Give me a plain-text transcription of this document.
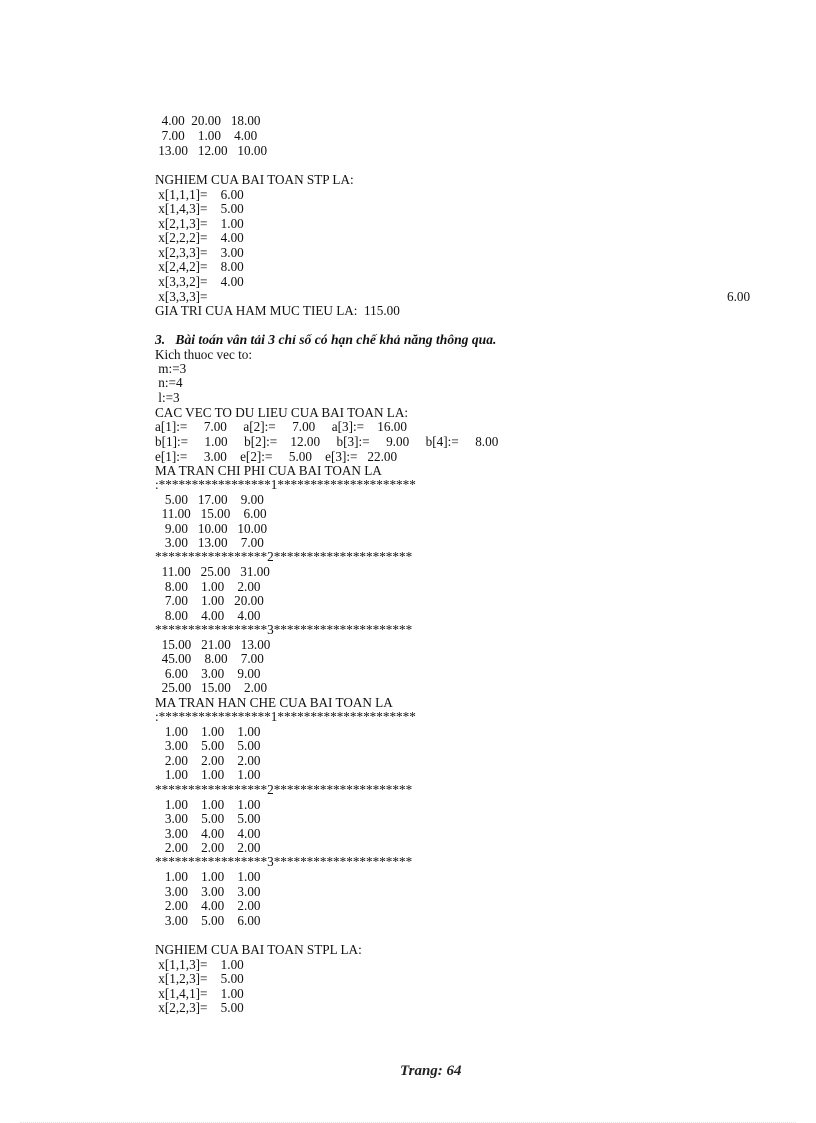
4.00  20.00   18.00
7.00    1.00    4.00
13.00   12.00   10.00
NGHIEM CUA BAI TOAN STP LA:
x[1,1,1]=    6.00
x[1,4,3]=    5.00
x[2,1,3]=    1.00
x[2,2,2]=    4.00
x[2,3,3]=    3.00
x[2,4,2]=    8.00
x[3,3,2]=    4.00
x[3,3,3]=	6.00
GIA TRI CUA HAM MUC TIEU LA:  115.00
3.   Bài toán vân tải 3 chỉ số có hạn chế khả năng thông qua.
Kich thuoc vec to:
m:=3
n:=4
l:=3
CAC VEC TO DU LIEU CUA BAI TOAN LA:
a[1]:=     7.00     a[2]:=     7.00     a[3]:=    16.00
b[1]:=     1.00     b[2]:=    12.00     b[3]:=     9.00     b[4]:=     8.00
e[1]:=     3.00    e[2]:=     5.00    e[3]:=   22.00
MA TRAN CHI PHI CUA BAI TOAN LA
:*****************1*********************
5.00   17.00    9.00
11.00   15.00    6.00
9.00   10.00   10.00
3.00   13.00    7.00
*****************2*********************
11.00   25.00   31.00
8.00    1.00    2.00
7.00    1.00   20.00
8.00    4.00    4.00
*****************3*********************
15.00   21.00   13.00
45.00    8.00    7.00
6.00    3.00    9.00
25.00   15.00    2.00
MA TRAN HAN CHE CUA BAI TOAN LA
:*****************1*********************
1.00    1.00    1.00
3.00    5.00    5.00
2.00    2.00    2.00
1.00    1.00    1.00
*****************2*********************
1.00    1.00    1.00
3.00    5.00    5.00
3.00    4.00    4.00
2.00    2.00    2.00
*****************3*********************
1.00    1.00    1.00
3.00    3.00    3.00
2.00    4.00    2.00
3.00    5.00    6.00
NGHIEM CUA BAI TOAN STPL LA:
x[1,1,3]=    1.00
x[1,2,3]=    5.00
x[1,4,1]=    1.00
x[2,2,3]=    5.00
Trang: 64
